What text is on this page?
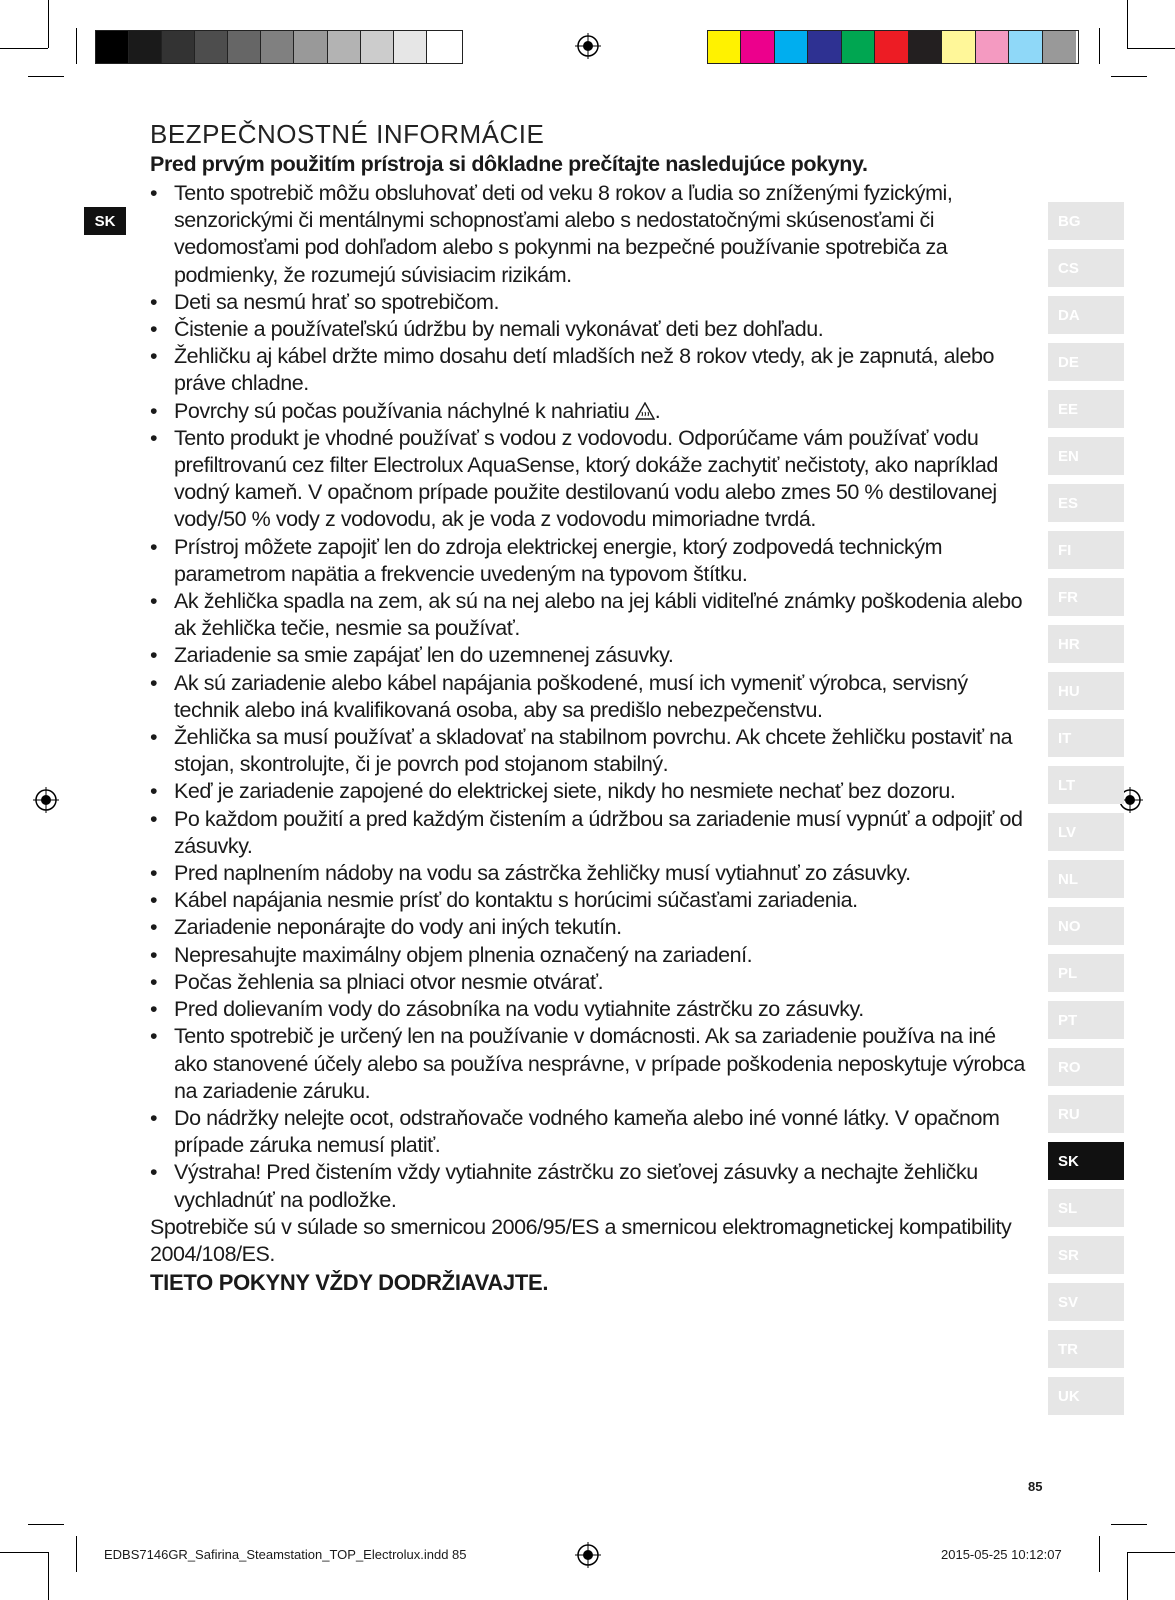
SK	BG
CS
DA
DE
EE
EN
ES
FI
FR
HR
HU
IT
LT
LV
NL
NO
PL
PT
RO
RU
SK
SL
SR
SV
TR
UK
BEZPEČNOSTNÉ INFORMÁCIE

Pred prvým použitím prístroja si dôkladne prečítajte nasledujúce pokyny.

• Tento spotrebič môžu obsluhovať deti od veku 8 rokov a ľudia so zníženými fyzickými, senzorickými či mentálnymi schopnosťami alebo s nedostatočnými skúsenosťami či vedomosťami pod dohľadom alebo s pokynmi na bezpečné používanie spotrebiča za podmienky, že rozumejú súvisiacim rizikám.
• Deti sa nesmú hrať so spotrebičom.
• Čistenie a používateľskú údržbu by nemali vykonávať deti bez dohľadu.
• Žehličku aj kábel držte mimo dosahu detí mladších než 8 rokov vtedy, ak je zapnutá, alebo práve chladne.
• Povrchy sú počas používania náchylné k nahriatiu .
• Tento produkt je vhodné používať s vodou z vodovodu. Odporúčame vám používať vodu prefiltrovanú cez filter Electrolux AquaSense, ktorý dokáže zachytiť nečistoty, ako napríklad vodný kameň. V opačnom prípade použite destilovanú vodu alebo zmes 50 % destilovanej vody/50 % vody z vodovodu, ak je voda z vodovodu mimoriadne tvrdá.
• Prístroj môžete zapojiť len do zdroja elektrickej energie, ktorý zodpovedá technickým parametrom napätia a frekvencie uvedeným na typovom štítku.
• Ak žehlička spadla na zem, ak sú na nej alebo na jej kábli viditeľné známky poškodenia alebo ak žehlička tečie, nesmie sa používať.
• Zariadenie sa smie zapájať len do uzemnenej zásuvky.
• Ak sú zariadenie alebo kábel napájania poškodené, musí ich vymeniť výrobca, servisný technik alebo iná kvalifikovaná osoba, aby sa predišlo nebezpečenstvu.
• Žehlička sa musí používať a skladovať na stabilnom povrchu. Ak chcete žehličku postaviť na stojan, skontrolujte, či je povrch pod stojanom stabilný.
• Keď je zariadenie zapojené do elektrickej siete, nikdy ho nesmiete nechať bez dozoru.
• Po každom použití a pred každým čistením a údržbou sa zariadenie musí vypnúť a odpojiť od zásuvky.
• Pred naplnením nádoby na vodu sa zástrčka žehličky musí vytiahnuť zo zásuvky.
• Kábel napájania nesmie prísť do kontaktu s horúcimi súčasťami zariadenia.
• Zariadenie neponárajte do vody ani iných tekutín.
• Nepresahujte maximálny objem plnenia označený na zariadení.
• Počas žehlenia sa plniaci otvor nesmie otvárať.
• Pred dolievaním vody do zásobníka na vodu vytiahnite zástrčku zo zásuvky.
• Tento spotrebič je určený len na používanie v domácnosti. Ak sa zariadenie používa na iné ako stanovené účely alebo sa používa nesprávne, v prípade poškodenia neposkytuje výrobca na zariadenie záruku.
• Do nádržky nelejte ocot, odstraňovače vodného kameňa alebo iné vonné látky. V opačnom prípade záruka nemusí platiť.
• Výstraha! Pred čistením vždy vytiahnite zástrčku zo sieťovej zásuvky a nechajte žehličku vychladnúť na podložke.

Spotrebiče sú v súlade so smernicou 2006/95/ES a smernicou elektromagnetickej kompatibility 2004/108/ES.

TIETO POKYNY VŽDY DODRŽIAVAJTE.

85
EDBS7146GR_Safirina_Steamstation_TOP_Electrolux.indd 85	2015-05-25 10:12:07
